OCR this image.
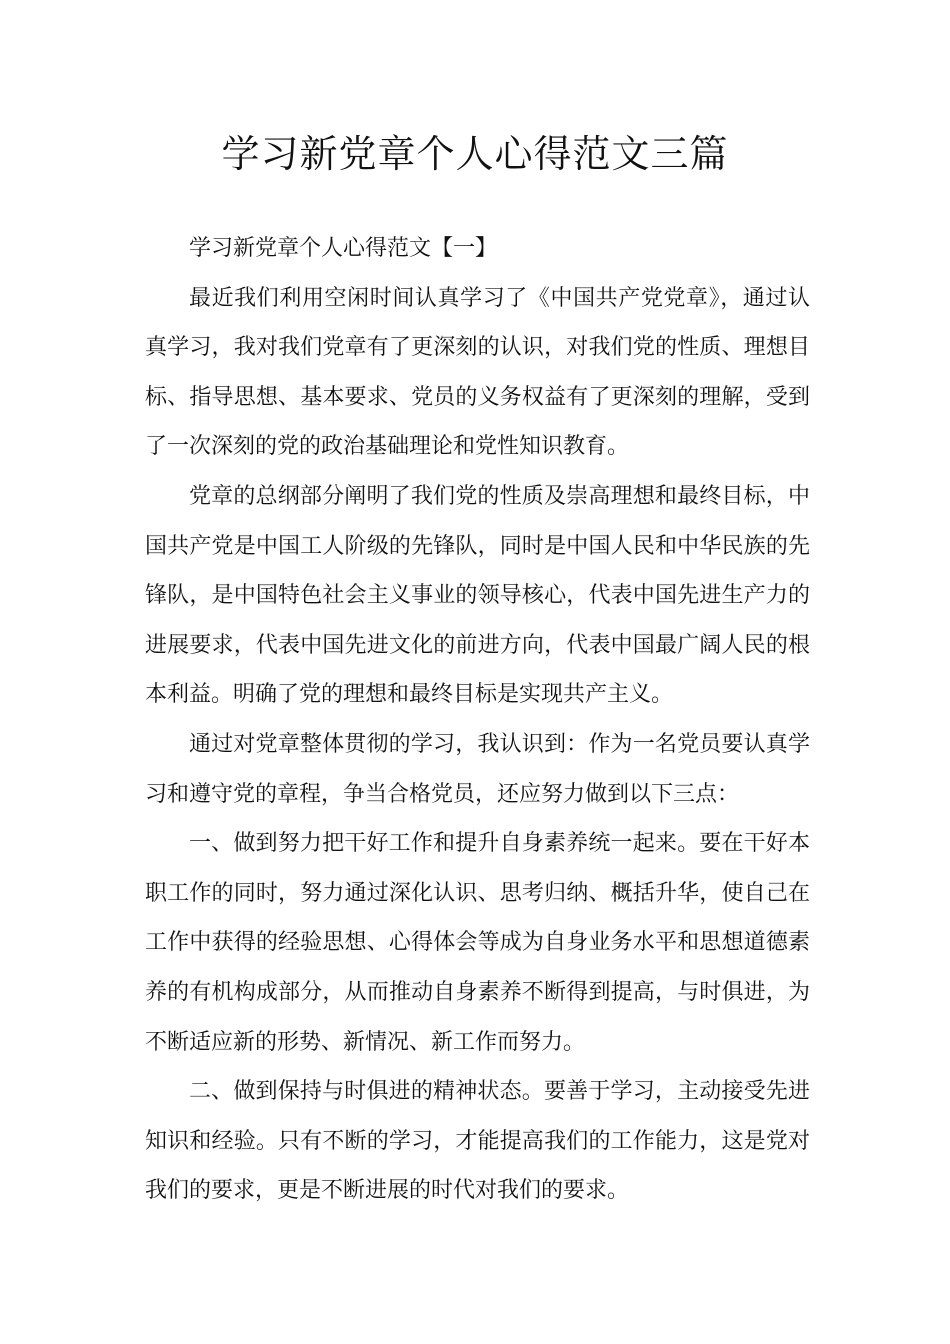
学习新党章个人心得范文三篇

学习新党章个人心得范文【一】

最近我们利用空闲时间认真学习了《中国共产党党章》，通过认真学习，我对我们党章有了更深刻的认识，对我们党的性质、理想目标、指导思想、基本要求、党员的义务权益有了更深刻的理解，受到了一次深刻的党的政治基础理论和党性知识教育。

党章的总纲部分阐明了我们党的性质及崇高理想和最终目标，中国共产党是中国工人阶级的先锋队，同时是中国人民和中华民族的先锋队，是中国特色社会主义事业的领导核心，代表中国先进生产力的进展要求，代表中国先进文化的前进方向，代表中国最广阔人民的根本利益。明确了党的理想和最终目标是实现共产主义。

通过对党章整体贯彻的学习，我认识到：作为一名党员要认真学习和遵守党的章程，争当合格党员，还应努力做到以下三点：

一、做到努力把干好工作和提升自身素养统一起来。要在干好本职工作的同时，努力通过深化认识、思考归纳、概括升华，使自己在工作中获得的经验思想、心得体会等成为自身业务水平和思想道德素养的有机构成部分，从而推动自身素养不断得到提高，与时俱进，为不断适应新的形势、新情况、新工作而努力。

二、做到保持与时俱进的精神状态。要善于学习，主动接受先进知识和经验。只有不断的学习，才能提高我们的工作能力，这是党对我们的要求，更是不断进展的时代对我们的要求。
